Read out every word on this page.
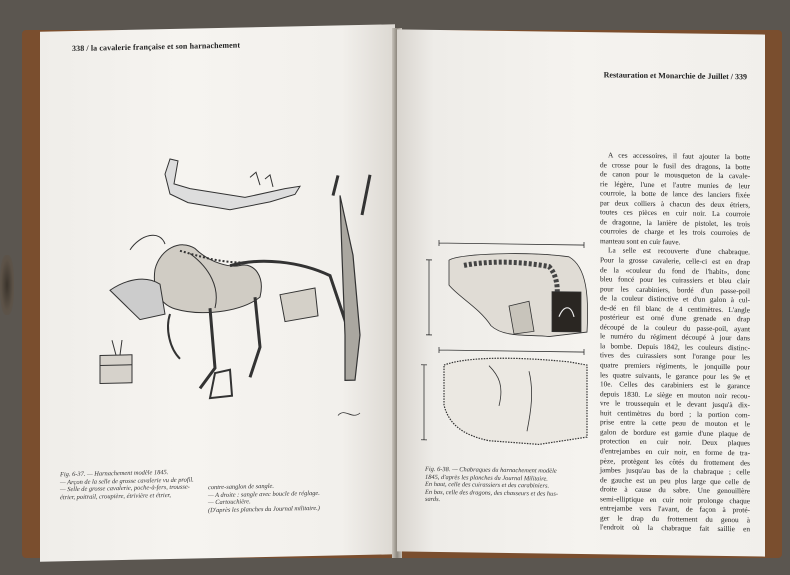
338 / la cavalerie française et son harnachement
Fig. 6-37. — Harnachement modèle 1845.
— Arçon de la selle de grosse cavalerie vu de profil.
— Selle de grosse cavalerie, poche-à-fers, trousse-
étrier, poitrail, croupière, étrivière et étrier,
contre-sanglon de sangle.
— A droite : sangle avec boucle de réglage.
— Cartouchière.
(D'après les planches du Journal militaire.)
Restauration et Monarchie de Juillet / 339
Fig. 6-38. — Chabraques du harnachement modèle
1845, d'après les planches du Journal Militaire.
En haut, celle des cuirassiers et des carabiniers.
En bas, celle des dragons, des chasseurs et des hus-
sards.
A ces accessoires, il faut ajouter la botte
de crosse pour le fusil des dragons, la botte
de canon pour le mousqueton de la cavale-
rie légère, l'une et l'autre munies de leur
courroie, la botte de lance des lanciers fixée
par deux colliers à chacun des deux étriers,
toutes ces pièces en cuir noir. La courroie
de dragonne, la lanière de pistolet, les trois
courroies de charge et les trois courroies de
manteau sont en cuir fauve.
La selle est recouverte d'une chabraque.
Pour la grosse cavalerie, celle-ci est en drap
de la «couleur du fond de l'habit», donc
bleu foncé pour les cuirassiers et bleu clair
pour les carabiniers, bordé d'un passe-poil
de la couleur distinctive et d'un galon à cul-
de-dé en fil blanc de 4 centimètres. L'angle
postérieur est orné d'une grenade en drap
découpé de la couleur du passe-poil, ayant
le numéro du régiment découpé à jour dans
la bombe. Depuis 1842, les couleurs distinc-
tives des cuirassiers sont l'orange pour les
quatre premiers régiments, le jonquille pour
les quatre suivants, le garance pour les 9e et
10e. Celles des carabiniers est le garance
depuis 1830. Le siège en mouton noir recou-
vre le troussequin et le devant jusqu'à dix-
huit centimètres du bord ; la portion com-
prise entre la cette peau de mouton et le
galon de bordure est garnie d'une plaque de
protection en cuir noir. Deux plaques
d'entrejambes en cuir noir, en forme de tra-
pèze, protègent les côtés du frottement des
jambes jusqu'au bas de la chabraque ; celle
de gauche est un peu plus large que celle de
droite à cause du sabre. Une genouillère
semi-elliptique en cuir noir prolonge chaque
entrejambe vers l'avant, de façon à proté-
ger le drap du frottement du genou à
l'endroit où la chabraque fait saillie en
